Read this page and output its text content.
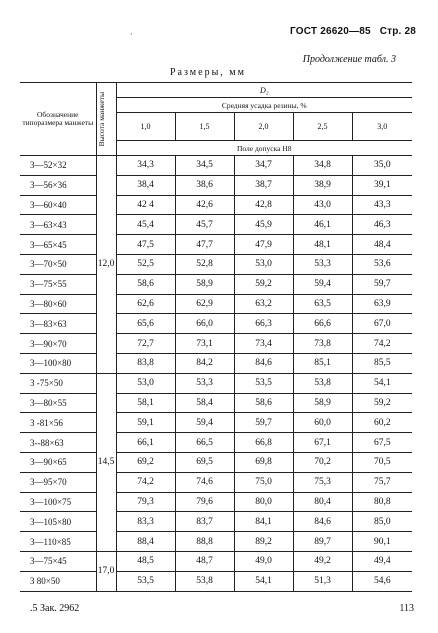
·	ГОСТ 26620—85 Стр. 28
Продолжение табл. 3
Размеры, мм
Обозначение типоразмера манжеты	Высота манжеты	D₂				
		Средняя усадка резины, %				
		1,0	1,5	2,0	2,5	3,0
		Поле допуска Н8				
3—52×32	12,0	34,3	34,5	34,7	34,8	35,0
3—56×36		38,4	38,6	38,7	38,9	39,1
3—60×40		42 4	42,6	42,8	43,0	43,3
3—63×43		45,4	45,7	45,9	46,1	46,3
3—65×45		47,5	47,7	47,9	48,1	48,4
3—70×50		52,5	52,8	53,0	53,3	53,6
3—75×55		58,6	58,9	59,2	59,4	59,7
3—80×60		62,6	62,9	63,2	63,5	63,9
3—83×63		65,6	66,0	66,3	66,6	67,0
3—90×70		72,7	73,1	73,4	73,8	74,2
3—100×80		83,8	84,2	84,6	85,1	85,5
3 -75×50	14,5	53,0	53,3	53,5	53,8	54,1
3—80×55		58,1	58,4	58,6	58,9	59,2
3 -81×56		59,1	59,4	59,7	60,0	60,2
3-‑88×63		66,1	66,5	66,8	67,1	67,5
3—90×65		69,2	69,5	69,8	70,2	70,5
3—95×70		74,2	74,6	75,0	75,3	75,7
3—100×75		79,3	79,6	80,0	80,4	80,8
3—105×80		83,3	83,7	84,1	84,6	85,0
3—110×85		88,4	88,8	89,2	89,7	90,1
3—75×45	17,0	48,5	48,7	49,0	49,2	49,4
3 80×50		53,5	53,8	54,1	51,3	54,6
.5 Зак. 2962	113
